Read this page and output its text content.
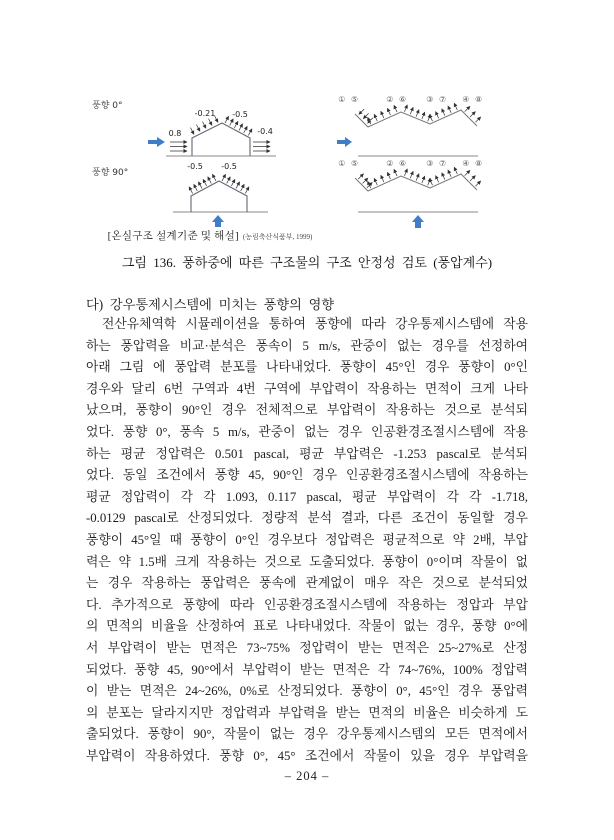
풍향 0°
0.8
-0.21 -0.5
-0.4
풍향 90°
-0.5 -0.5
① ⑤	② ⑥ ③ ⑦ ④ ⑧
① ⑤	② ⑥ ③ ⑦ ④ ⑧
[온실구조 설계기준 및 해설] (농림축산식품부, 1999)
그림 136. 풍하중에 따른 구조물의 구조 안정성 검토 (풍압계수)
다) 강우통제시스템에 미치는 풍향의 영향
전산유체역학 시뮬레이션을 통하여 풍향에 따라 강우통제시스템에 작용
하는 풍압력을 비교·분석은 풍속이 5 m/s, 관중이 없는 경우를 선정하여
아래 그림 에 풍압력 분포를 나타내었다. 풍향이 45°인 경우 풍향이 0°인
경우와 달리 6번 구역과 4번 구역에 부압력이 작용하는 면적이 크게 나타
났으며, 풍향이 90°인 경우 전체적으로 부압력이 작용하는 것으로 분석되
었다. 풍향 0°, 풍속 5 m/s, 관중이 없는 경우 인공환경조절시스템에 작용
하는 평균 정압력은 0.501 pascal, 평균 부압력은 -1.253 pascal로 분석되
었다. 동일 조건에서 풍향 45, 90°인 경우 인공환경조절시스템에 작용하는
평균 정압력이 각 각 1.093, 0.117 pascal, 평균 부압력이 각 각 -1.718,
-0.0129 pascal로 산정되었다. 정량적 분석 결과, 다른 조건이 동일할 경우
풍향이 45°일 때 풍향이 0°인 경우보다 정압력은 평균적으로 약 2배, 부압
력은 약 1.5배 크게 작용하는 것으로 도출되었다. 풍향이 0°이며 작물이 없
는 경우 작용하는 풍압력은 풍속에 관계없이 매우 작은 것으로 분석되었
다. 추가적으로 풍향에 따라 인공환경조절시스템에 작용하는 정압과 부압
의 면적의 비율을 산정하여 표로 나타내었다. 작물이 없는 경우, 풍향 0°에
서 부압력이 받는 면적은 73~75% 정압력이 받는 면적은 25~27%로 산정
되었다. 풍향 45, 90°에서 부압력이 받는 면적은 각 74~76%, 100% 정압력
이 받는 면적은 24~26%, 0%로 산정되었다. 풍향이 0°, 45°인 경우 풍압력
의 분포는 달라지지만 정압력과 부압력을 받는 면적의 비율은 비슷하게 도
출되었다. 풍향이 90°, 작물이 없는 경우 강우통제시스템의 모든 면적에서
부압력이 작용하였다. 풍향 0°, 45° 조건에서 작물이 있을 경우 부압력을
– 204 –
